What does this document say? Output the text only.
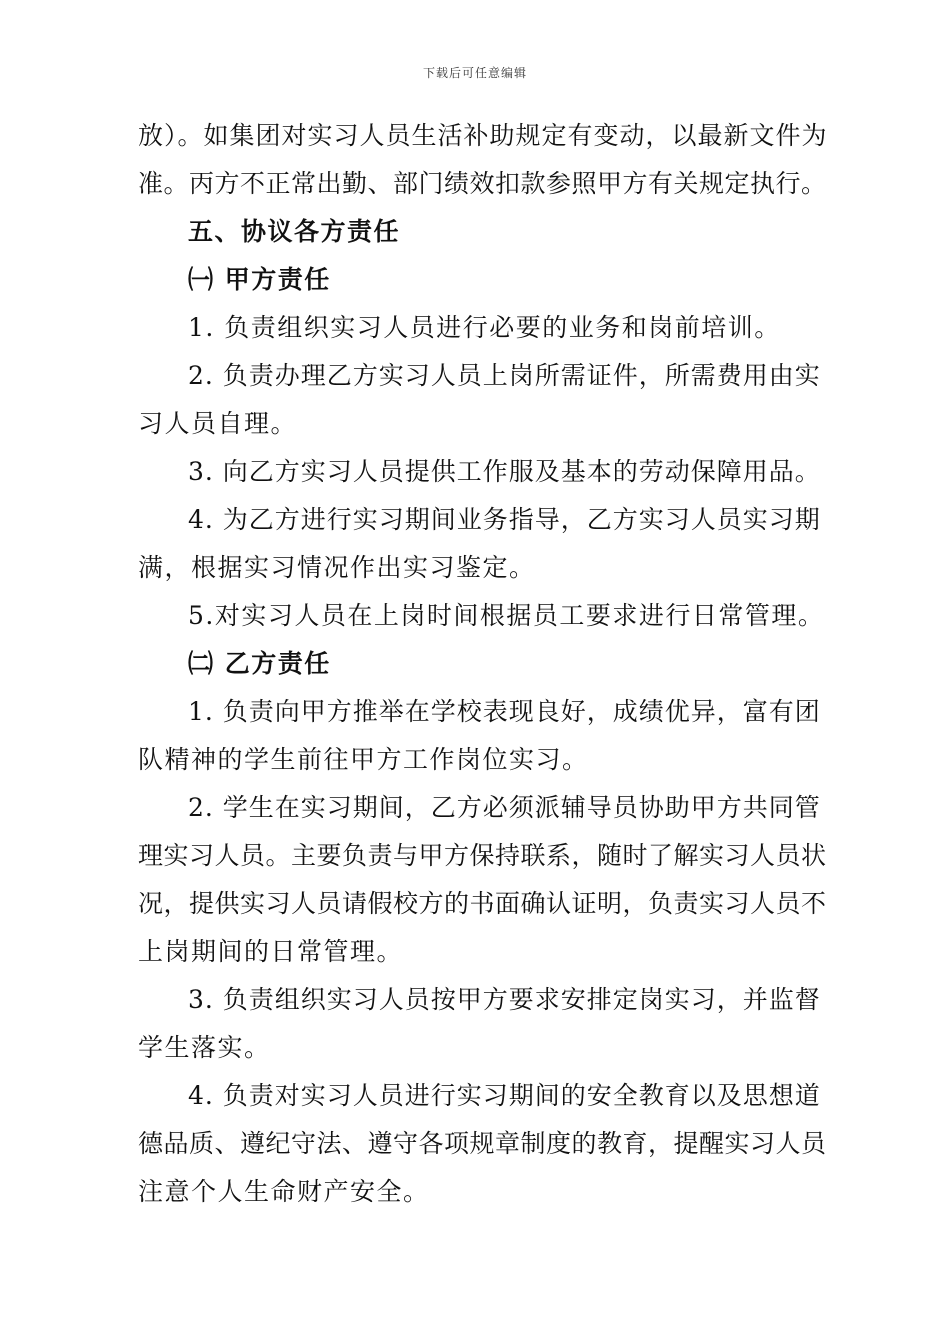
下载后可任意编辑
放）。如集团对实习人员生活补助规定有变动，以最新文件为
准。丙方不正常出勤、部门绩效扣款参照甲方有关规定执行。
五、协议各方责任
㈠ 甲方责任
1. 负责组织实习人员进行必要的业务和岗前培训。
2. 负责办理乙方实习人员上岗所需证件，所需费用由实
习人员自理。
3. 向乙方实习人员提供工作服及基本的劳动保障用品。
4. 为乙方进行实习期间业务指导，乙方实习人员实习期
满，根据实习情况作出实习鉴定。
5.对实习人员在上岗时间根据员工要求进行日常管理。
㈡ 乙方责任
1. 负责向甲方推举在学校表现良好，成绩优异，富有团
队精神的学生前往甲方工作岗位实习。
2. 学生在实习期间，乙方必须派辅导员协助甲方共同管
理实习人员。主要负责与甲方保持联系，随时了解实习人员状
况，提供实习人员请假校方的书面确认证明，负责实习人员不
上岗期间的日常管理。
3. 负责组织实习人员按甲方要求安排定岗实习，并监督
学生落实。
4. 负责对实习人员进行实习期间的安全教育以及思想道
德品质、遵纪守法、遵守各项规章制度的教育，提醒实习人员
注意个人生命财产安全。
